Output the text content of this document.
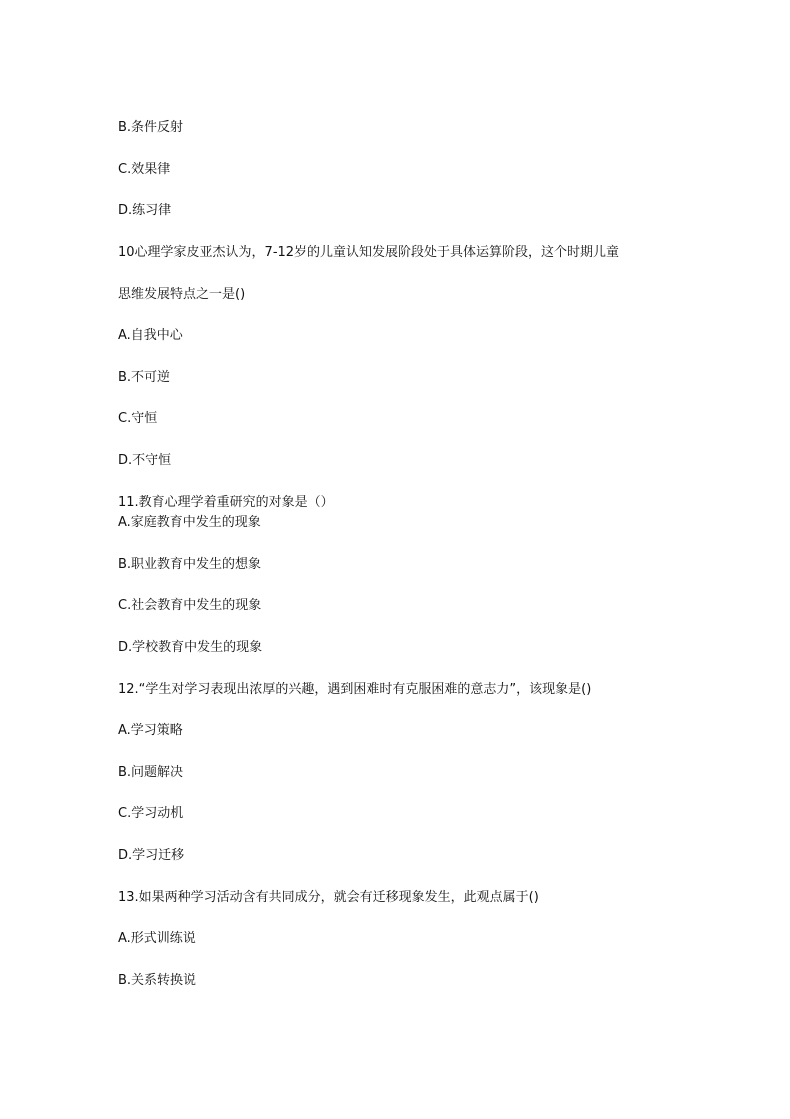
B.条件反射
C.效果律
D.练习律
10心理学家皮亚杰认为，7-12岁的儿童认知发展阶段处于具体运算阶段，这个时期儿童
思维发展特点之一是()
A.自我中心
B.不可逆
C.守恒
D.不守恒
11.教育心理学着重研究的对象是（）
A.家庭教育中发生的现象
B.职业教育中发生的想象
C.社会教育中发生的现象
D.学校教育中发生的现象
12.“学生对学习表现出浓厚的兴趣，遇到困难时有克服困难的意志力”，该现象是()
A.学习策略
B.问题解决
C.学习动机
D.学习迁移
13.如果两种学习活动含有共同成分，就会有迁移现象发生，此观点属于()
A.形式训练说
B.关系转换说
